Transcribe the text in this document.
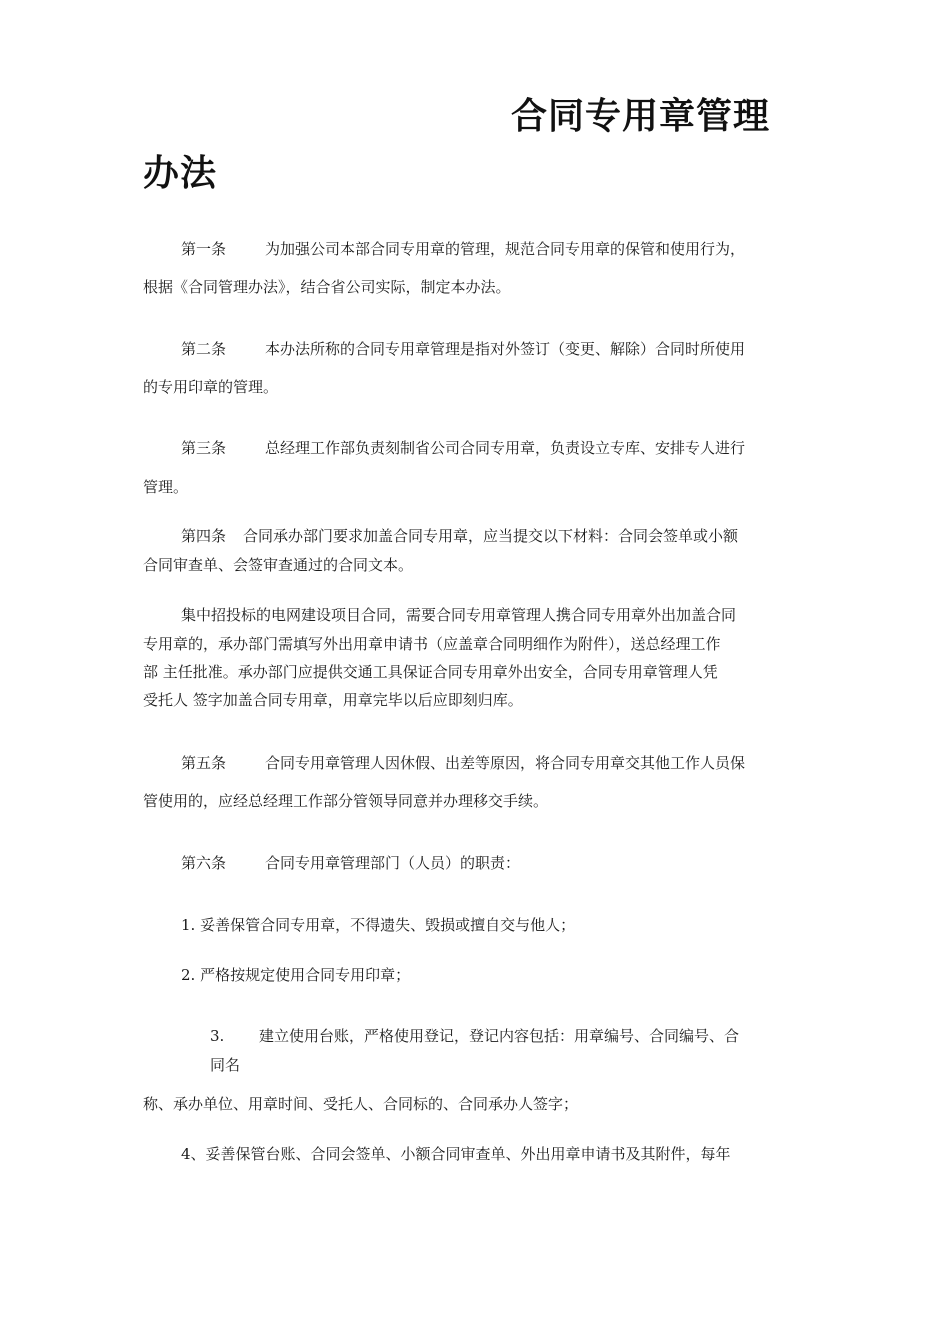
合同专用章管理
办法
第一条	为加强公司本部合同专用章的管理，规范合同专用章的保管和使用行为，
根据《合同管理办法》，结合省公司实际，制定本办法。
第二条	本办法所称的合同专用章管理是指对外签订（变更、解除）合同时所使用
的专用印章的管理。
第三条	总经理工作部负责刻制省公司合同专用章，负责设立专库、安排专人进行
管理。
第四条 合同承办部门要求加盖合同专用章，应当提交以下材料：合同会签单或小额
合同审查单、会签审查通过的合同文本。
集中招投标的电网建设项目合同，需要合同专用章管理人携合同专用章外出加盖合同
专用章的，承办部门需填写外出用章申请书（应盖章合同明细作为附件），送总经理工作
部 主任批准。承办部门应提供交通工具保证合同专用章外出安全，合同专用章管理人凭
受托人 签字加盖合同专用章，用章完毕以后应即刻归库。
第五条	合同专用章管理人因休假、出差等原因，将合同专用章交其他工作人员保
管使用的，应经总经理工作部分管领导同意并办理移交手续。
第六条	合同专用章管理部门（人员）的职责：
1. 妥善保管合同专用章，不得遗失、毁损或擅自交与他人；
2. 严格按规定使用合同专用印章；
3. 建立使用台账，严格使用登记，登记内容包括：用章编号、合同编号、合
同名
称、承办单位、用章时间、受托人、合同标的、合同承办人签字；
4、妥善保管台账、合同会签单、小额合同审查单、外出用章申请书及其附件，每年
